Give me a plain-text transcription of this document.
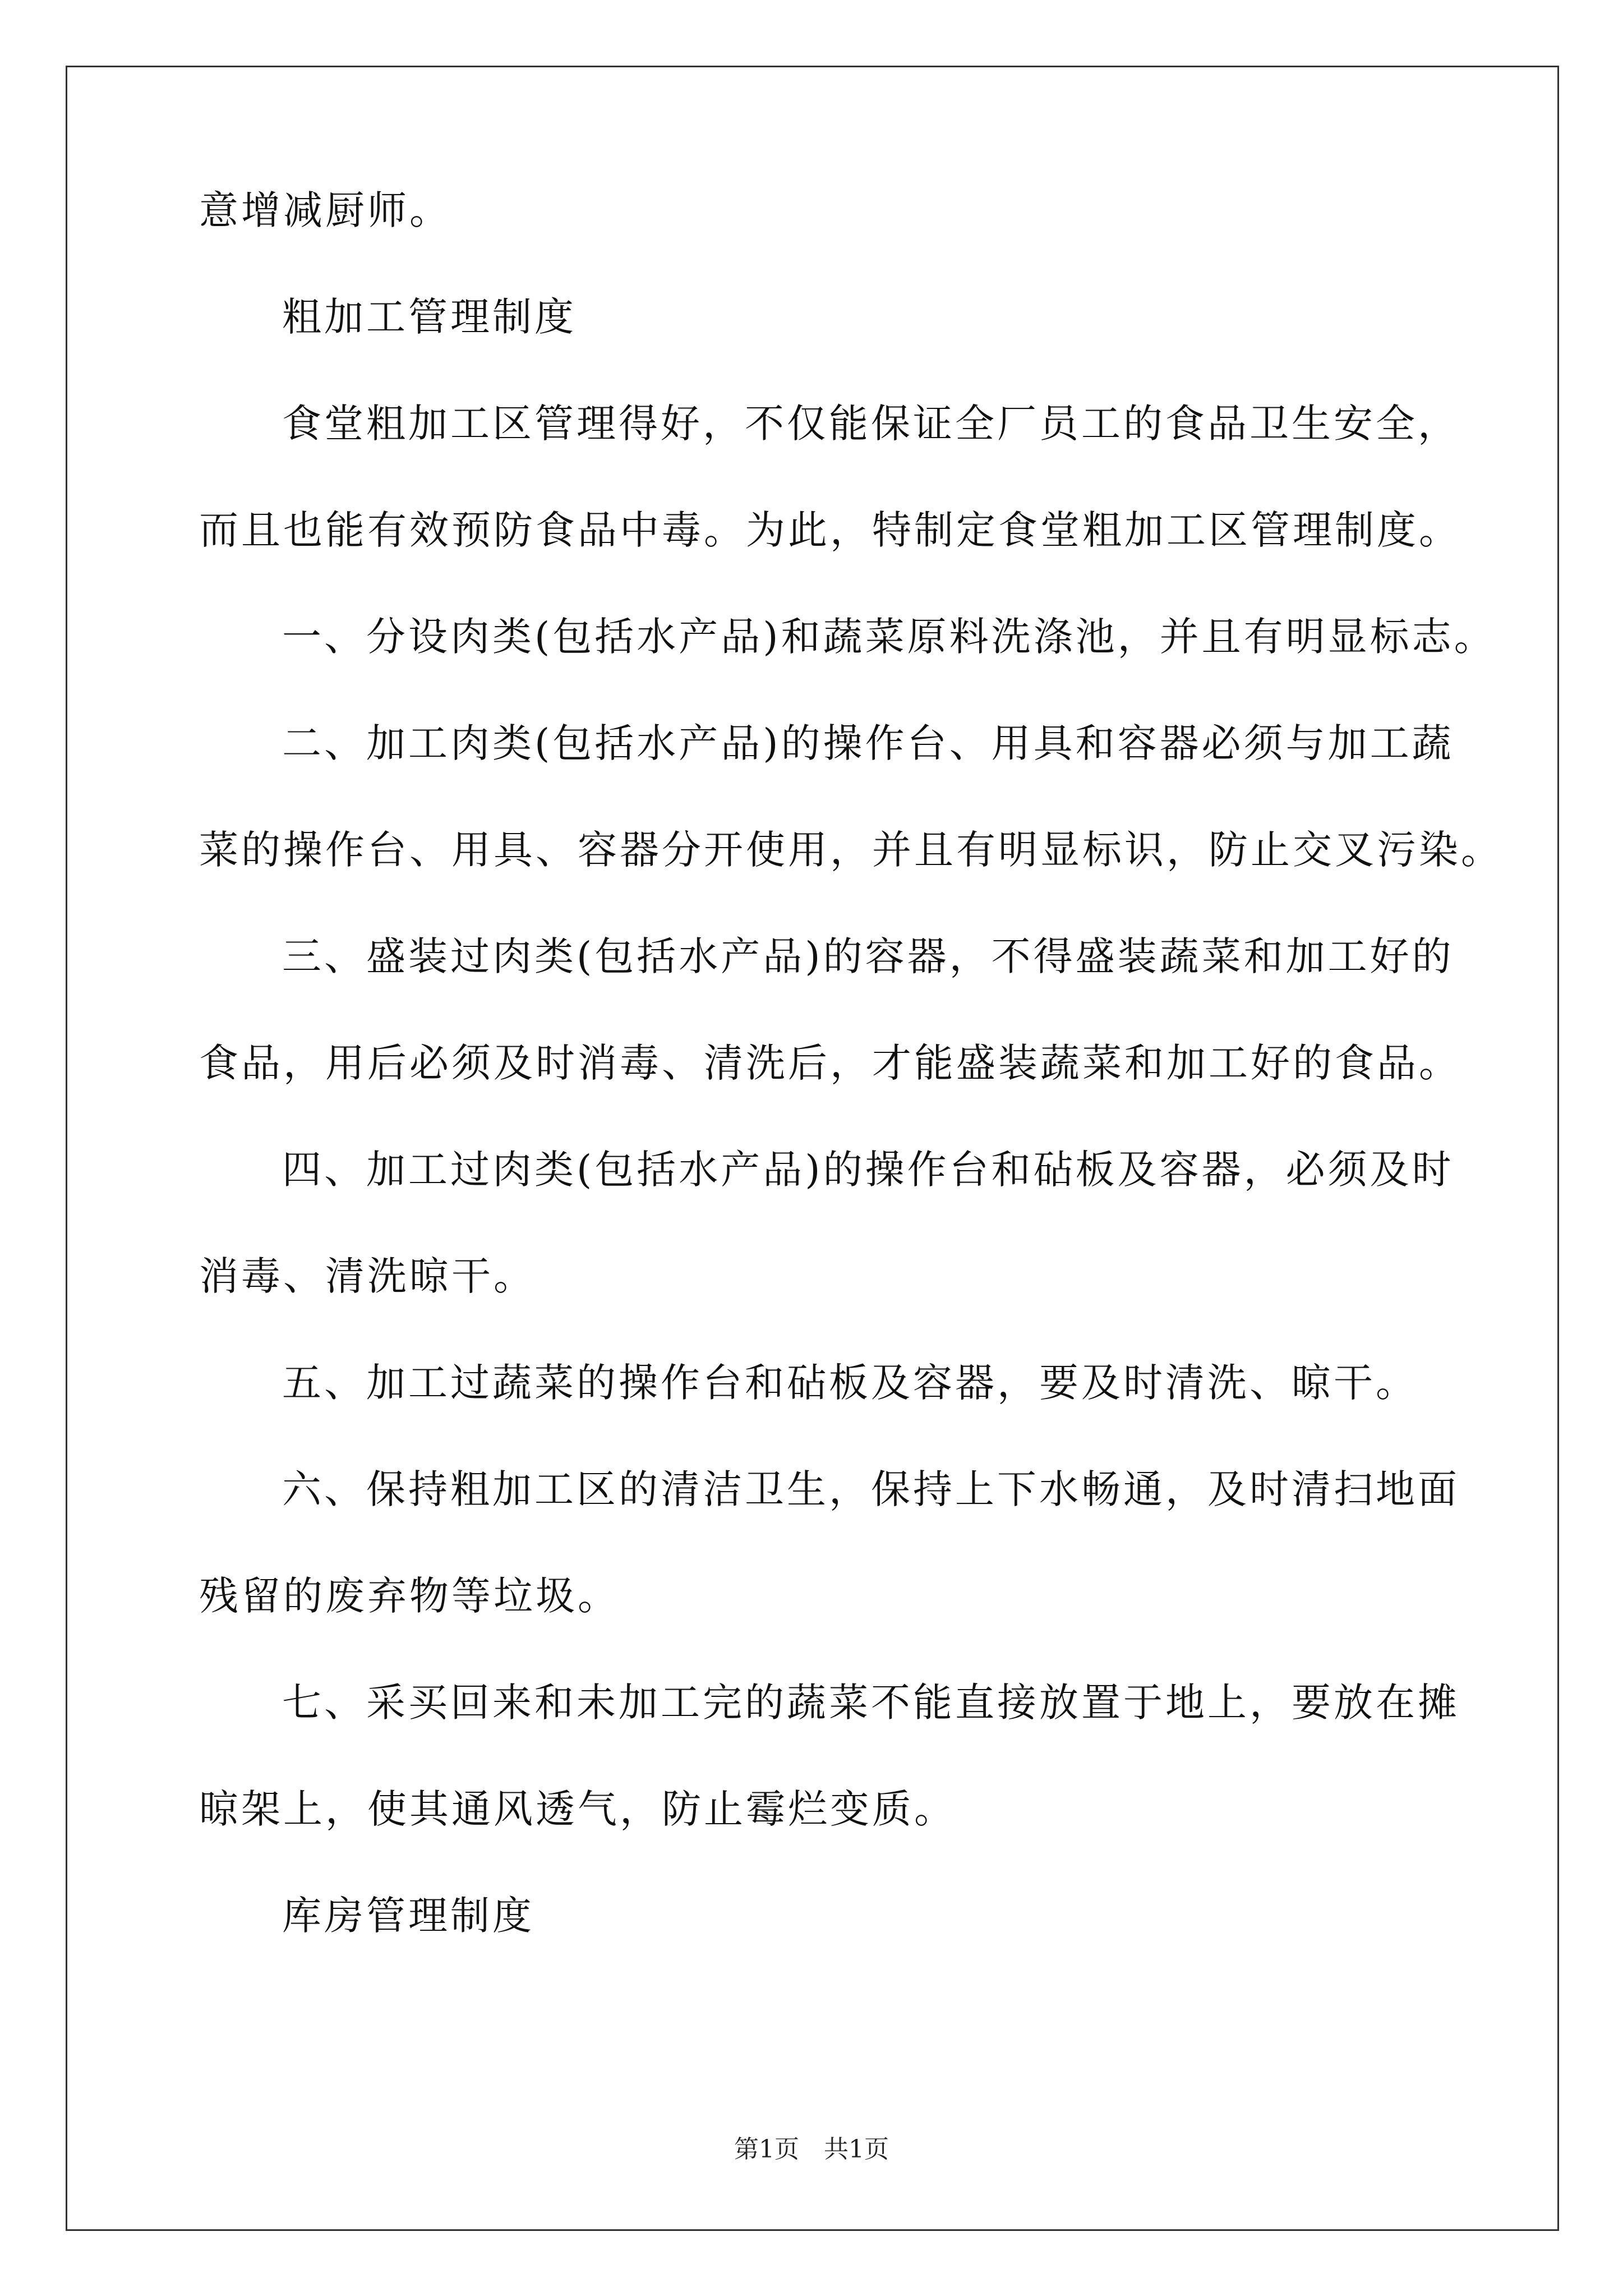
意增减厨师。
粗加工管理制度
食堂粗加工区管理得好，不仅能保证全厂员工的食品卫生安全，
而且也能有效预防食品中毒。为此，特制定食堂粗加工区管理制度。
一、分设肉类(包括水产品)和蔬菜原料洗涤池，并且有明显标志。
二、加工肉类(包括水产品)的操作台、用具和容器必须与加工蔬
菜的操作台、用具、容器分开使用，并且有明显标识，防止交叉污染。
三、盛装过肉类(包括水产品)的容器，不得盛装蔬菜和加工好的
食品，用后必须及时消毒、清洗后，才能盛装蔬菜和加工好的食品。
四、加工过肉类(包括水产品)的操作台和砧板及容器，必须及时
消毒、清洗晾干。
五、加工过蔬菜的操作台和砧板及容器，要及时清洗、晾干。
六、保持粗加工区的清洁卫生，保持上下水畅通，及时清扫地面
残留的废弃物等垃圾。
七、采买回来和未加工完的蔬菜不能直接放置于地上，要放在摊
晾架上，使其通风透气，防止霉烂变质。
库房管理制度
第1页　共1页
